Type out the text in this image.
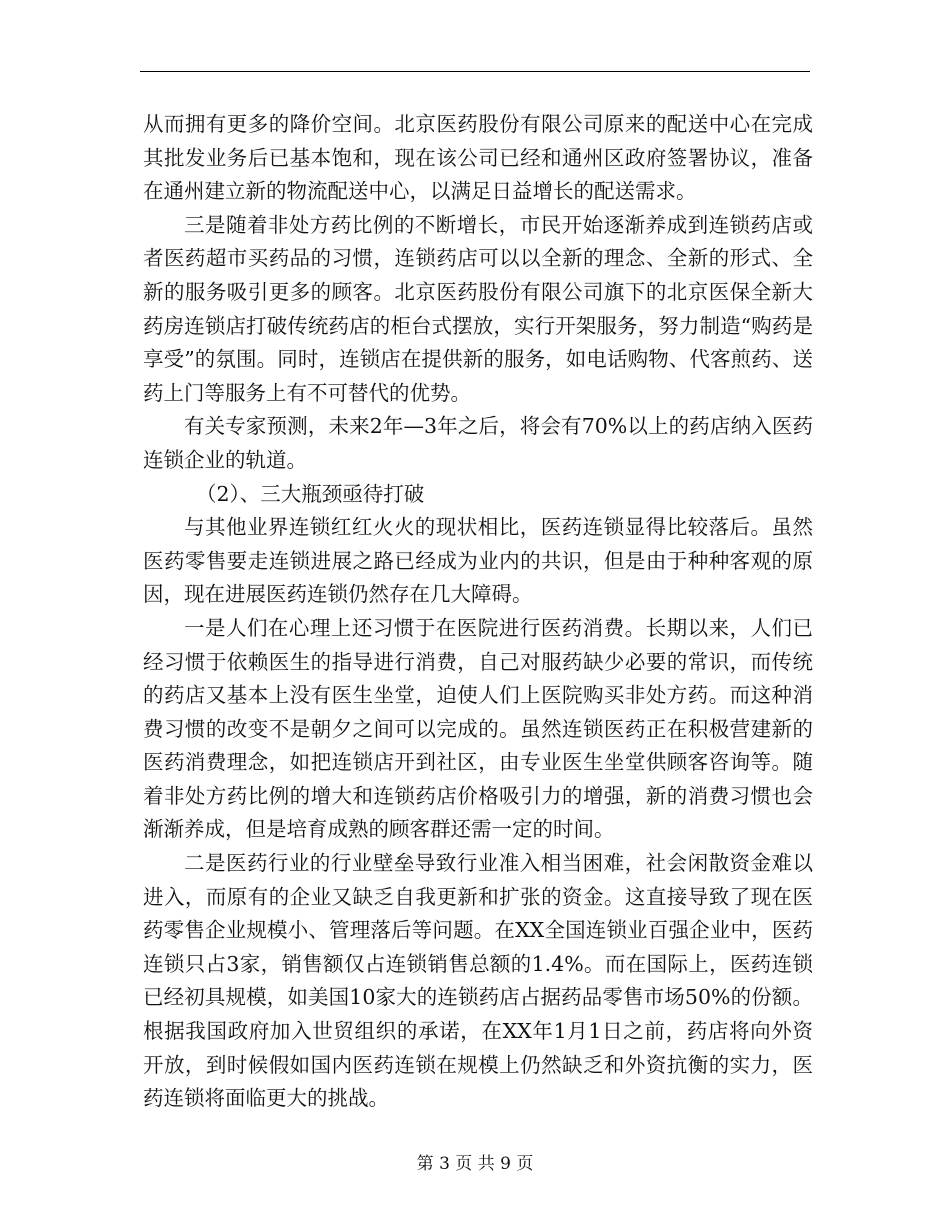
从而拥有更多的降价空间。北京医药股份有限公司原来的配送中心在完成其批发业务后已基本饱和，现在该公司已经和通州区政府签署协议，准备在通州建立新的物流配送中心，以满足日益增长的配送需求。

三是随着非处方药比例的不断增长，市民开始逐渐养成到连锁药店或者医药超市买药品的习惯，连锁药店可以以全新的理念、全新的形式、全新的服务吸引更多的顾客。北京医药股份有限公司旗下的北京医保全新大药房连锁店打破传统药店的柜台式摆放，实行开架服务，努力制造“购药是享受”的氛围。同时，连锁店在提供新的服务，如电话购物、代客煎药、送药上门等服务上有不可替代的优势。

有关专家预测，未来2年—3年之后，将会有70%以上的药店纳入医药连锁企业的轨道。

（2）、三大瓶颈亟待打破

与其他业界连锁红红火火的现状相比，医药连锁显得比较落后。虽然医药零售要走连锁进展之路已经成为业内的共识，但是由于种种客观的原因，现在进展医药连锁仍然存在几大障碍。

一是人们在心理上还习惯于在医院进行医药消费。长期以来，人们已经习惯于依赖医生的指导进行消费，自己对服药缺少必要的常识，而传统的药店又基本上没有医生坐堂，迫使人们上医院购买非处方药。而这种消费习惯的改变不是朝夕之间可以完成的。虽然连锁医药正在积极营建新的医药消费理念，如把连锁店开到社区，由专业医生坐堂供顾客咨询等。随着非处方药比例的增大和连锁药店价格吸引力的增强，新的消费习惯也会渐渐养成，但是培育成熟的顾客群还需一定的时间。

二是医药行业的行业壁垒导致行业准入相当困难，社会闲散资金难以进入，而原有的企业又缺乏自我更新和扩张的资金。这直接导致了现在医药零售企业规模小、管理落后等问题。在XX全国连锁业百强企业中，医药连锁只占3家，销售额仅占连锁销售总额的1.4%。而在国际上，医药连锁已经初具规模，如美国10家大的连锁药店占据药品零售市场50%的份额。根据我国政府加入世贸组织的承诺，在XX年1月1日之前，药店将向外资开放，到时候假如国内医药连锁在规模上仍然缺乏和外资抗衡的实力，医药连锁将面临更大的挑战。

第 3 页 共 9 页
